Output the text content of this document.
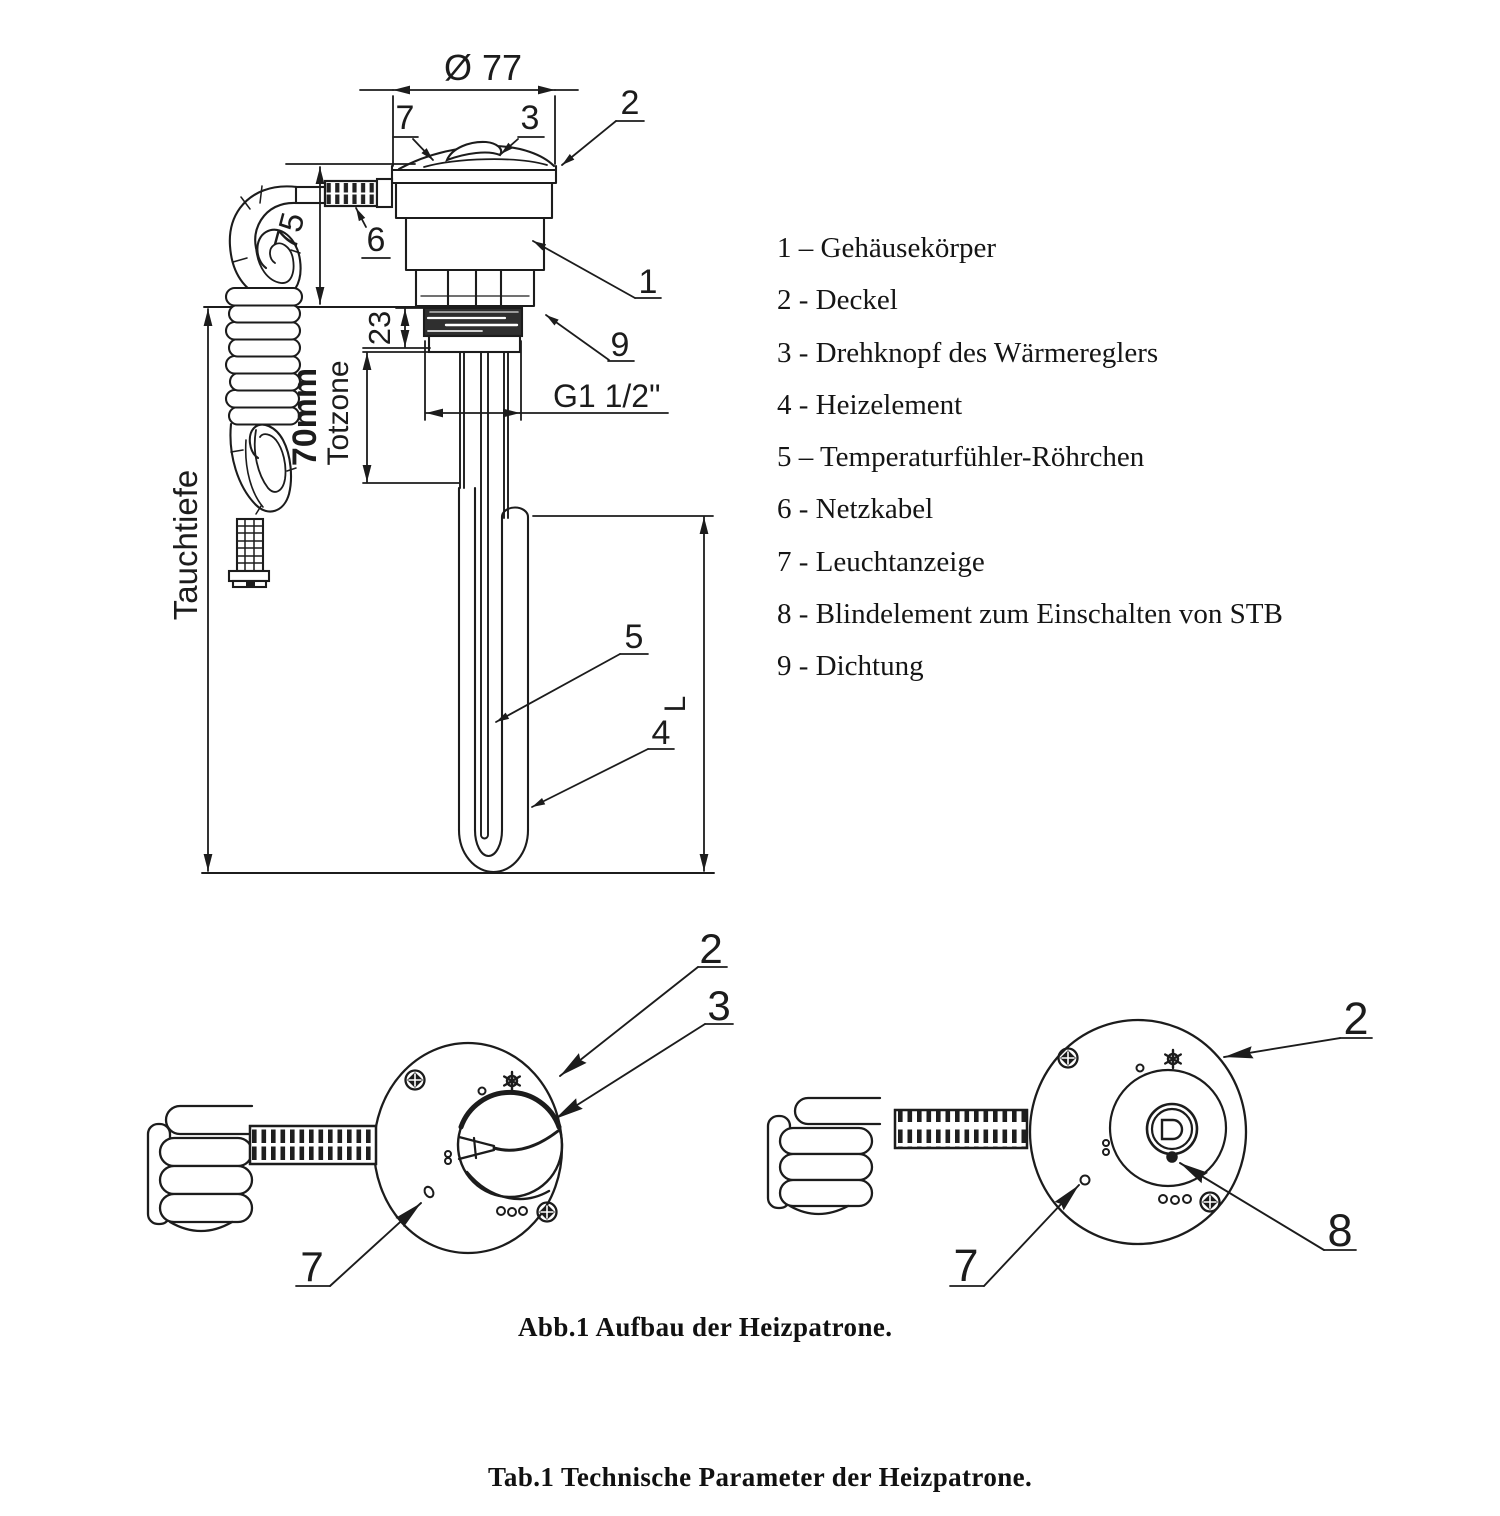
Ø 77
75
23
70mm
Totzone	G1 1/2"
L
Tauchtiefe
7	3 2
6
1
9
5
4
2
3
7
2
8
7
1 – Gehäusekörper
2 - Deckel
3 - Drehknopf des Wärmereglers
4 - Heizelement
5 – Temperaturfühler-Röhrchen
6 - Netzkabel
7 - Leuchtanzeige
8 - Blindelement zum Einschalten von STB
9 - Dichtung
Abb.1 Aufbau der Heizpatrone.
Tab.1 Technische Parameter der Heizpatrone.
